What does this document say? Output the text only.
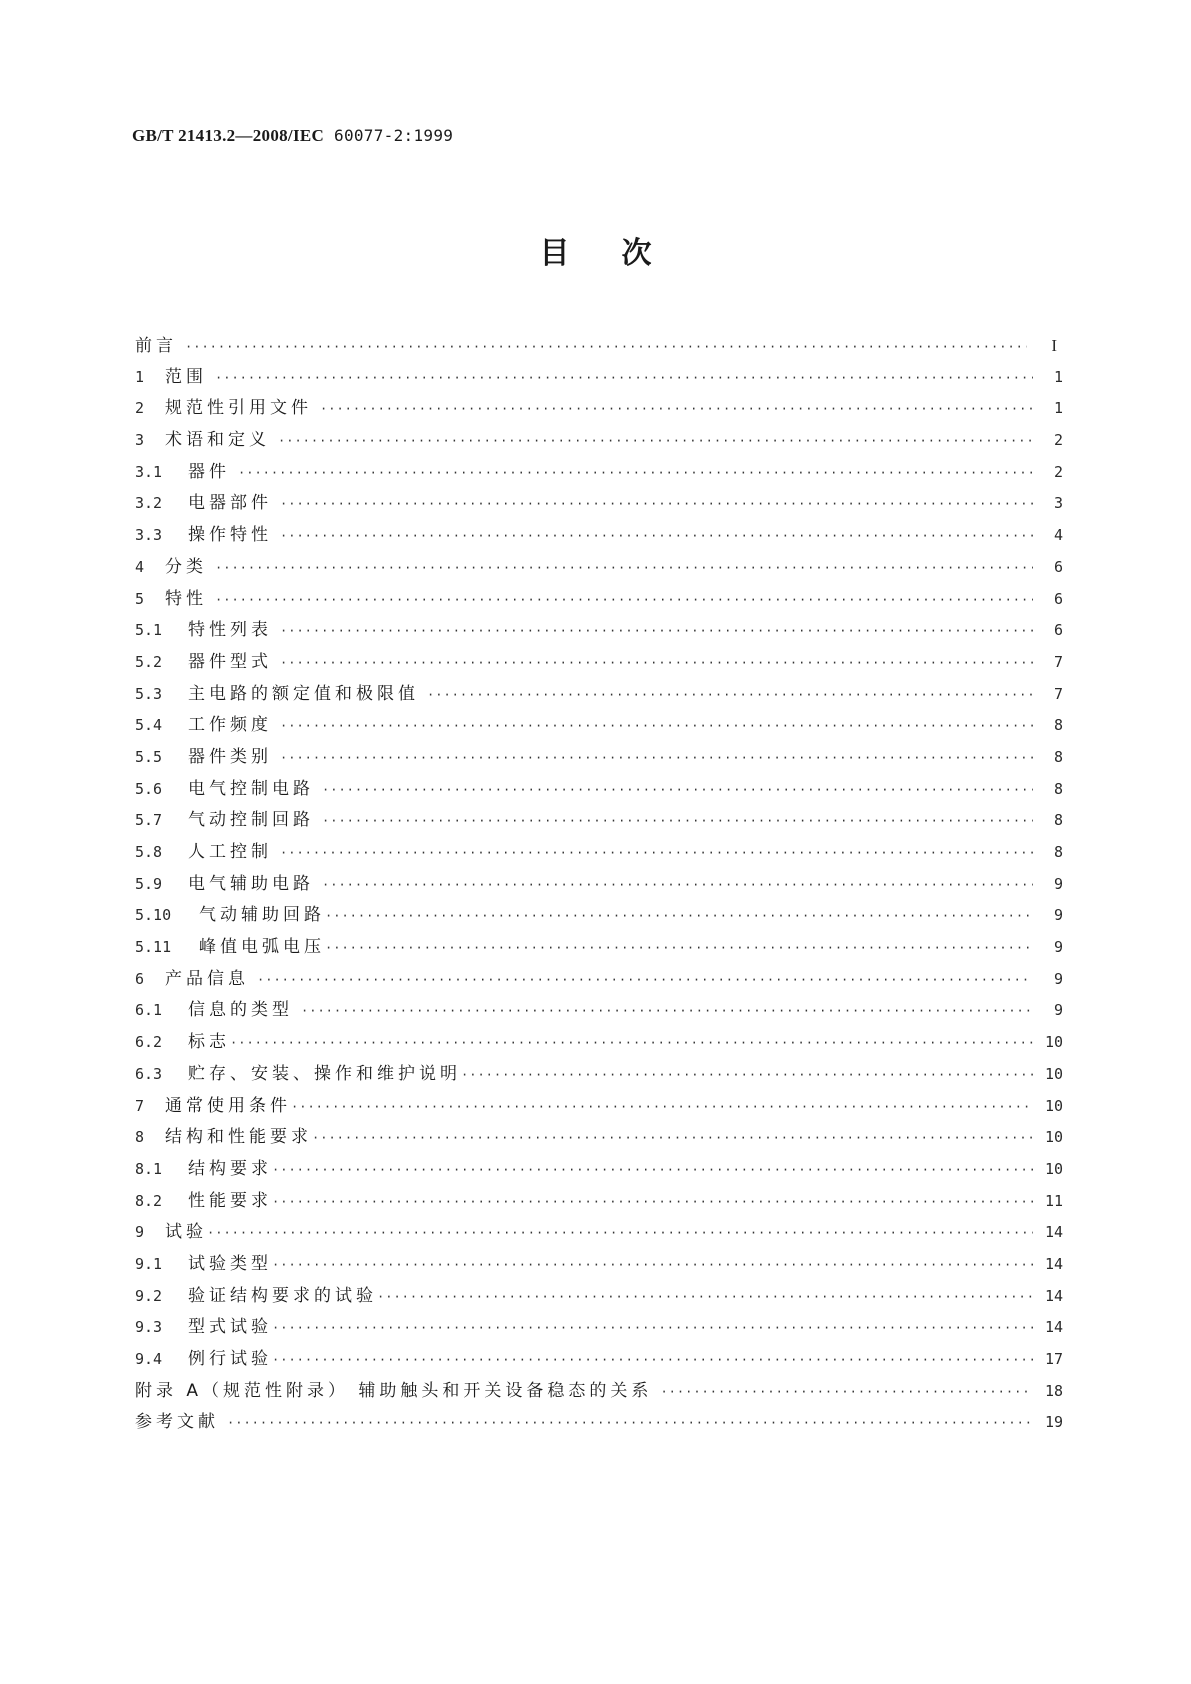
GB/T 21413.2—2008/IEC 60077-2:1999
目次
前言 ·····	I
1	范围 ·····	1
2	规范性引用文件 ·····	1
3	术语和定义 ·····	2
3.1	器件 ·····	2
3.2	电器部件 ·····	3
3.3	操作特性 ·····	4
4	分类 ·····	6
5	特性 ·····	6
5.1	特性列表 ·····	6
5.2	器件型式 ·····	7
5.3	主电路的额定值和极限值 ·····	7
5.4	工作频度 ·····	8
5.5	器件类别 ·····	8
5.6	电气控制电路 ·····	8
5.7	气动控制回路 ·····	8
5.8	人工控制 ·····	8
5.9	电气辅助电路 ·····	9
5.10	气动辅助回路 ·····	9
5.11	峰值电弧电压 ·····	9
6	产品信息 ·····	9
6.1	信息的类型 ·····	9
6.2	标志 ·····	10
6.3	贮存、安装、操作和维护说明 ·····	10
7	通常使用条件 ·····	10
8	结构和性能要求 ·····	10
8.1	结构要求 ·····	10
8.2	性能要求 ·····	11
9	试验 ·····	14
9.1	试验类型 ·····	14
9.2	验证结构要求的试验 ·····	14
9.3	型式试验 ·····	14
9.4	例行试验 ·····	17
附录 A（规范性附录） 辅助触头和开关设备稳态的关系 ·····	18
参考文献 ·····	19
